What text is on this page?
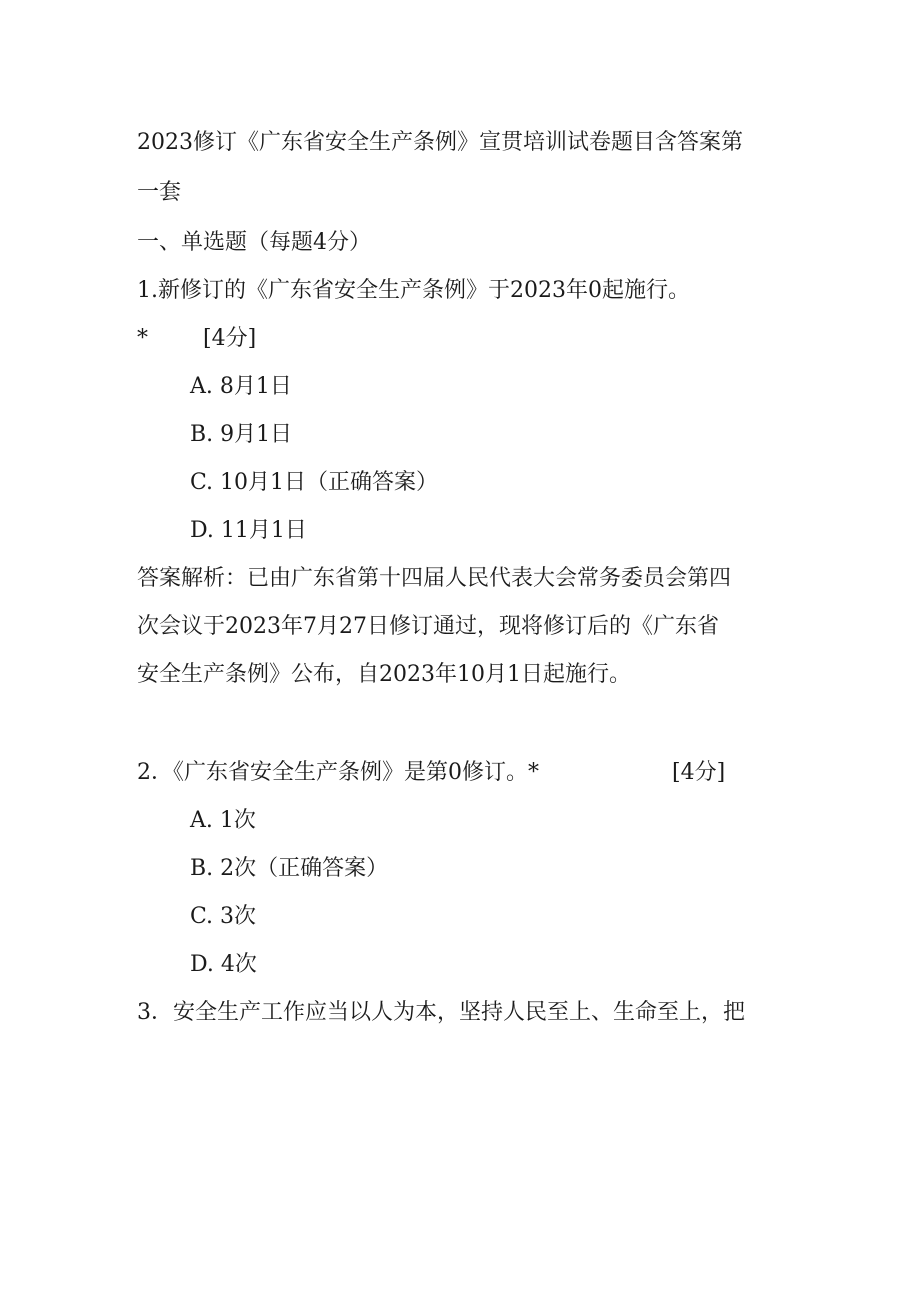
2023修订《广东省安全生产条例》宣贯培训试卷题目含答案第

一套

一、单选题（每题4分）

1.新修订的《广东省安全生产条例》于2023年0起施行。

*	[4分]

A. 8月1日

B. 9月1日

C. 10月1日（正确答案）

D. 11月1日

答案解析：已由广东省第十四届人民代表大会常务委员会第四

次会议于2023年7月27日修订通过，现将修订后的《广东省

安全生产条例》公布，自2023年10月1日起施行。

2．《广东省安全生产条例》是第0修订。*	[4分]

A. 1次

B. 2次（正确答案）

C. 3次

D. 4次

3．安全生产工作应当以人为本，坚持人民至上、生命至上，把
